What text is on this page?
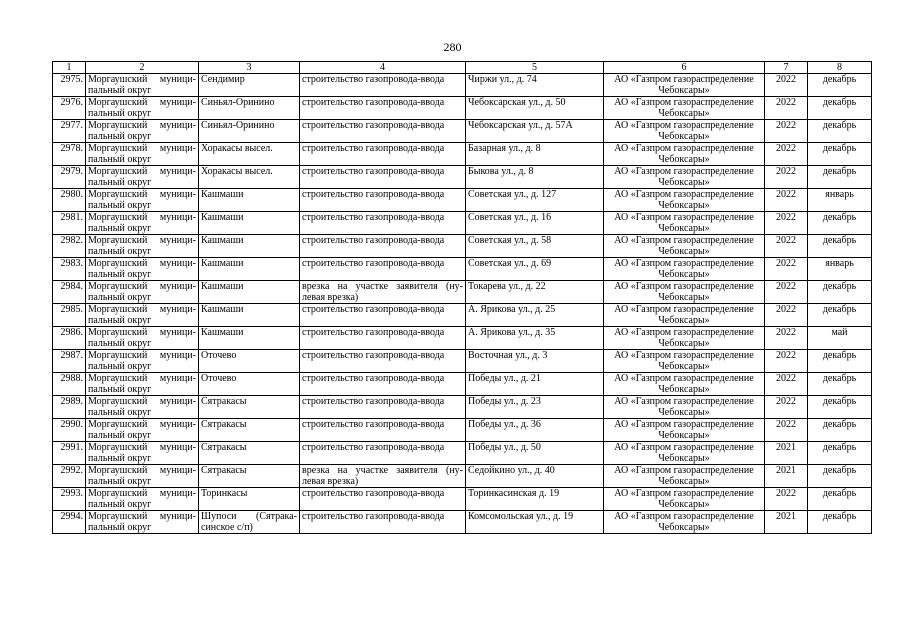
280
1	2	3	4	5	6	7	8
2975.	Моргаушский муници-пальный округ	Сендимир	строительство газопровода-ввода	Чиржи ул., д. 74	АО «Газпром газораспределение Чебоксары»	2022	декабрь
2976.	Моргаушский муници-пальный округ	Синьял-Оринино	строительство газопровода-ввода	Чебоксарская ул., д. 50	АО «Газпром газораспределение Чебоксары»	2022	декабрь
2977.	Моргаушский муници-пальный округ	Синьял-Оринино	строительство газопровода-ввода	Чебоксарская ул., д. 57А	АО «Газпром газораспределение Чебоксары»	2022	декабрь
2978.	Моргаушский муници-пальный округ	Хоракасы высел.	строительство газопровода-ввода	Базарная ул., д. 8	АО «Газпром газораспределение Чебоксары»	2022	декабрь
2979.	Моргаушский муници-пальный округ	Хоракасы высел.	строительство газопровода-ввода	Быкова ул., д. 8	АО «Газпром газораспределение Чебоксары»	2022	декабрь
2980.	Моргаушский муници-пальный округ	Кашмаши	строительство газопровода-ввода	Советская ул., д. 127	АО «Газпром газораспределение Чебоксары»	2022	январь
2981.	Моргаушский муници-пальный округ	Кашмаши	строительство газопровода-ввода	Советская ул., д. 16	АО «Газпром газораспределение Чебоксары»	2022	декабрь
2982.	Моргаушский муници-пальный округ	Кашмаши	строительство газопровода-ввода	Советская ул., д. 58	АО «Газпром газораспределение Чебоксары»	2022	декабрь
2983.	Моргаушский муници-пальный округ	Кашмаши	строительство газопровода-ввода	Советская ул., д. 69	АО «Газпром газораспределение Чебоксары»	2022	январь
2984.	Моргаушский муници-пальный округ	Кашмаши	врезка на участке заявителя (ну-левая врезка)	Токарева ул., д. 22	АО «Газпром газораспределение Чебоксары»	2022	декабрь
2985.	Моргаушский муници-пальный округ	Кашмаши	строительство газопровода-ввода	А. Ярикова ул., д. 25	АО «Газпром газораспределение Чебоксары»	2022	декабрь
2986.	Моргаушский муници-пальный округ	Кашмаши	строительство газопровода-ввода	А. Ярикова ул., д. 35	АО «Газпром газораспределение Чебоксары»	2022	май
2987.	Моргаушский муници-пальный округ	Оточево	строительство газопровода-ввода	Восточная ул., д. 3	АО «Газпром газораспределение Чебоксары»	2022	декабрь
2988.	Моргаушский муници-пальный округ	Оточево	строительство газопровода-ввода	Победы ул., д. 21	АО «Газпром газораспределение Чебоксары»	2022	декабрь
2989.	Моргаушский муници-пальный округ	Сятракасы	строительство газопровода-ввода	Победы ул., д. 23	АО «Газпром газораспределение Чебоксары»	2022	декабрь
2990.	Моргаушский муници-пальный округ	Сятракасы	строительство газопровода-ввода	Победы ул., д. 36	АО «Газпром газораспределение Чебоксары»	2022	декабрь
2991.	Моргаушский муници-пальный округ	Сятракасы	строительство газопровода-ввода	Победы ул., д. 50	АО «Газпром газораспределение Чебоксары»	2021	декабрь
2992.	Моргаушский муници-пальный округ	Сятракасы	врезка на участке заявителя (ну-левая врезка)	Седойкино ул., д. 40	АО «Газпром газораспределение Чебоксары»	2021	декабрь
2993.	Моргаушский муници-пальный округ	Торинкасы	строительство газопровода-ввода	Торинкасинская д. 19	АО «Газпром газораспределение Чебоксары»	2022	декабрь
2994.	Моргаушский муници-пальный округ	Шупоси (Сятрака-синское с/п)	строительство газопровода-ввода	Комсомольская ул., д. 19	АО «Газпром газораспределение Чебоксары»	2021	декабрь
